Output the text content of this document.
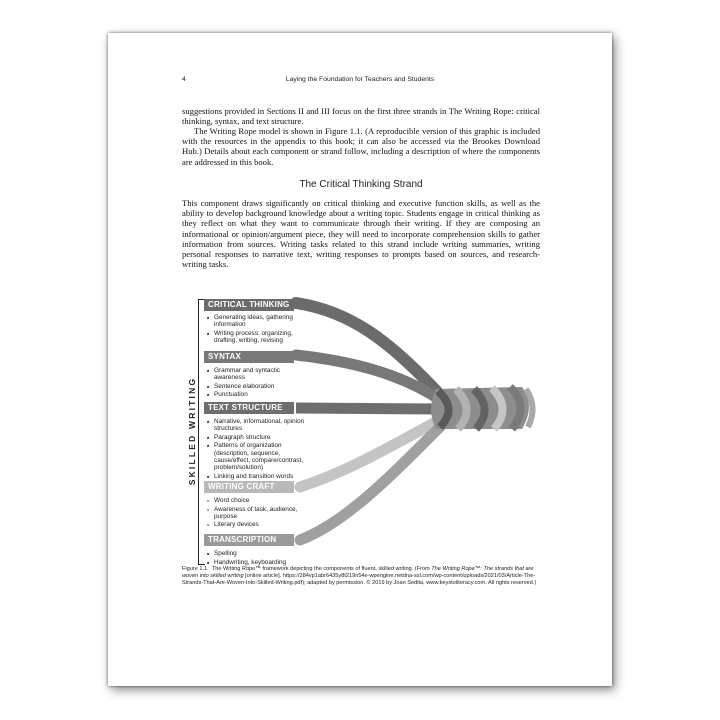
4	Laying the Foundation for Teachers and Students

suggestions provided in Sections II and III focus on the first three strands in The Writing Rope: critical thinking, syntax, and text structure.

The Writing Rope model is shown in Figure 1.1. (A reproducible version of this graphic is included with the resources in the appendix to this book; it can also be accessed via the Brookes Download Hub.) Details about each component or strand follow, including a description of where the components are addressed in this book.

The Critical Thinking Strand

This component draws significantly on critical thinking and executive function skills, as well as the ability to develop background knowledge about a writing topic. Students engage in critical thinking as they reflect on what they want to communicate through their writing. If they are composing an informational or opinion/argument piece, they will need to incorporate comprehension skills to gather information from sources. Writing tasks related to this strand include writing summaries, writing personal responses to narrative text, writing responses to prompts based on sources, and research-writing tasks.

SKILLED WRITING
CRITICAL THINKING
■ Generating ideas, gathering information
■ Writing process: organizing, drafting, writing, revising
SYNTAX
■ Grammar and syntactic awareness
■ Sentence elaboration
■ Punctuation
TEXT STRUCTURE
■ Narrative, informational, opinion structures
■ Paragraph structure
■ Patterns of organization (description, sequence, cause/effect, compare/contrast, problem/solution)
■ Linking and transition words
WRITING CRAFT
■ Word choice
■ Awareness of task, audience, purpose
■ Literary devices
TRANSCRIPTION
■ Spelling
■ Handwriting, keyboarding

Figure 1.1. The Writing Rope™ framework depicting the components of fluent, skilled writing. (From The Writing Rope™: The strands that are woven into skilled writing [online article]. https://284vp1abr6435y8t219n54e-wpengine.netdna-ssl.com/wp-content/uploads/2021/03/Article-The-Strands-That-Are-Woven-Into-Skilled-Writing.pdf); adapted by permission. © 2019 by Joan Sedita, www.keystoliteracy.com. All rights reserved.)
